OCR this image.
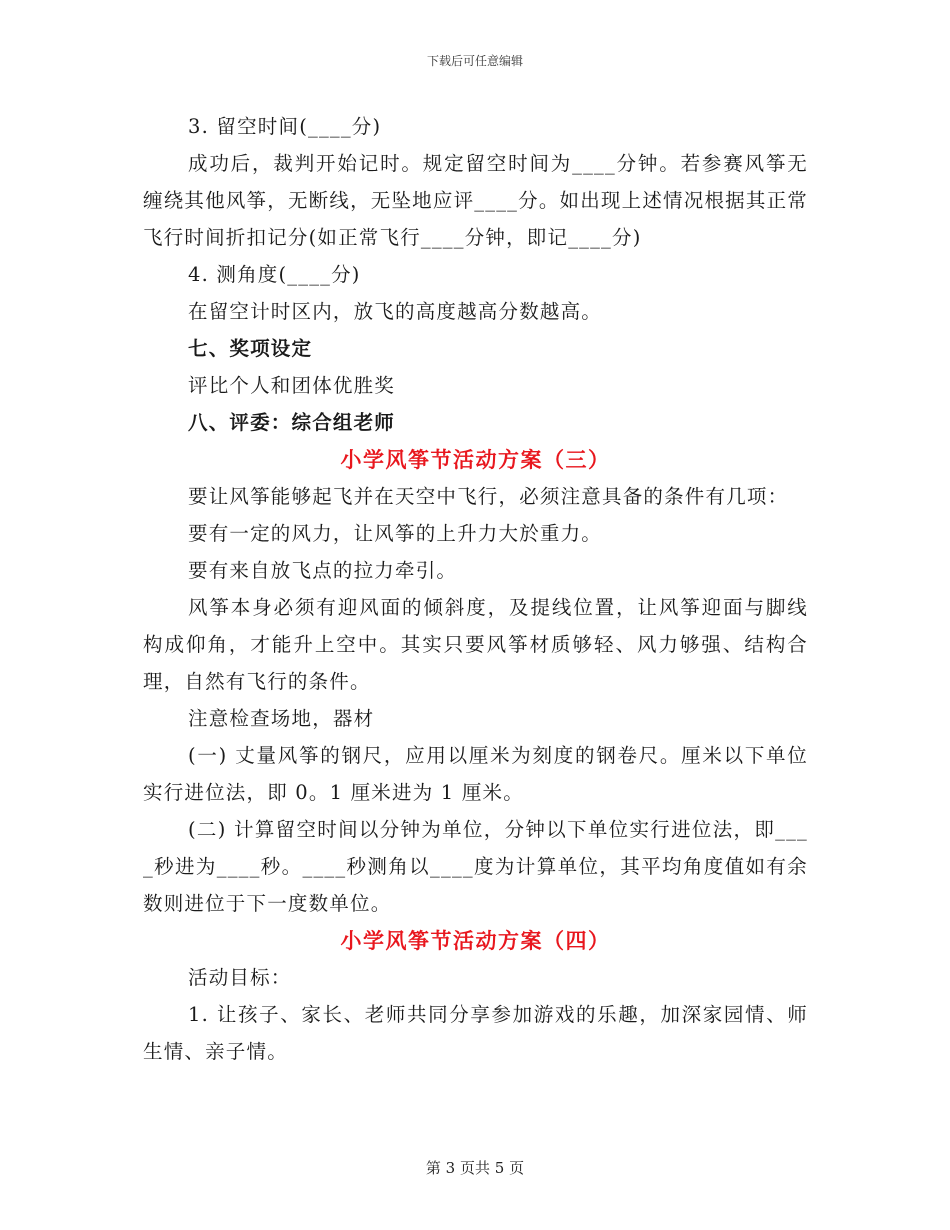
下载后可任意编辑

3. 留空时间(____分)

成功后，裁判开始记时。规定留空时间为____分钟。若参赛风筝无缠绕其他风筝，无断线，无坠地应评____分。如出现上述情况根据其正常飞行时间折扣记分(如正常飞行____分钟，即记____分)

4. 测角度(____分)

在留空计时区内，放飞的高度越高分数越高。

七、奖项设定

评比个人和团体优胜奖

八、评委：综合组老师

小学风筝节活动方案（三）

要让风筝能够起飞并在天空中飞行，必须注意具备的条件有几项：

要有一定的风力，让风筝的上升力大於重力。

要有来自放飞点的拉力牵引。

风筝本身必须有迎风面的倾斜度，及提线位置，让风筝迎面与脚线构成仰角，才能升上空中。其实只要风筝材质够轻、风力够强、结构合理，自然有飞行的条件。

注意检查场地，器材

(一) 丈量风筝的钢尺，应用以厘米为刻度的钢卷尺。厘米以下单位实行进位法，即 0。1 厘米进为 1 厘米。

(二) 计算留空时间以分钟为单位，分钟以下单位实行进位法，即____秒进为____秒。____秒测角以____度为计算单位，其平均角度值如有余数则进位于下一度数单位。

小学风筝节活动方案（四）

活动目标：

1. 让孩子、家长、老师共同分享参加游戏的乐趣，加深家园情、师生情、亲子情。

第 3 页共 5 页
